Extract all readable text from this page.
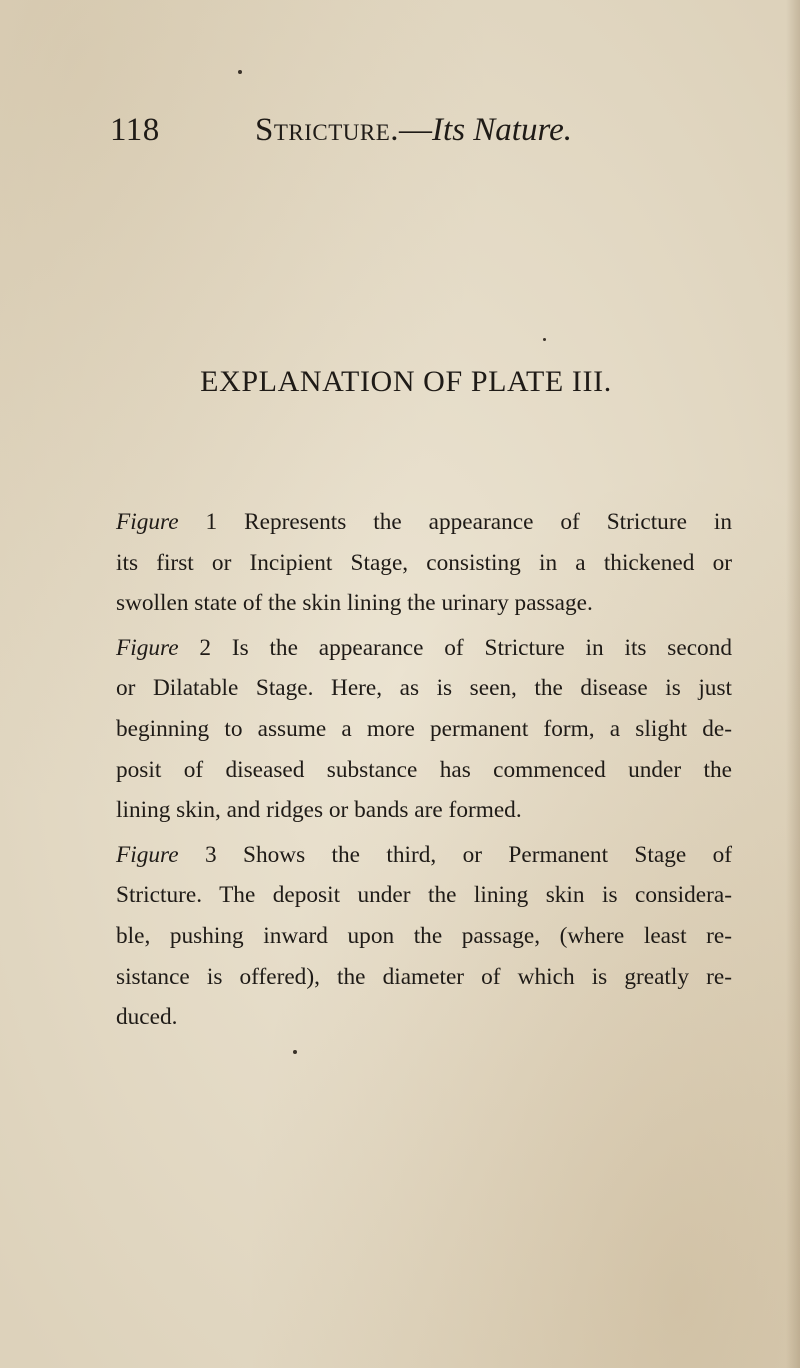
118	Stricture.—Its Nature.
EXPLANATION OF PLATE III.

Figure 1 Represents the appearance of Stricture in
its first or Incipient Stage, consisting in a thickened or
swollen state of the skin lining the urinary passage.

Figure 2 Is the appearance of Stricture in its second
or Dilatable Stage. Here, as is seen, the disease is just
beginning to assume a more permanent form, a slight de-
posit of diseased substance has commenced under the
lining skin, and ridges or bands are formed.

Figure 3 Shows the third, or Permanent Stage of
Stricture. The deposit under the lining skin is considera-
ble, pushing inward upon the passage, (where least re-
sistance is offered), the diameter of which is greatly re-
duced.
